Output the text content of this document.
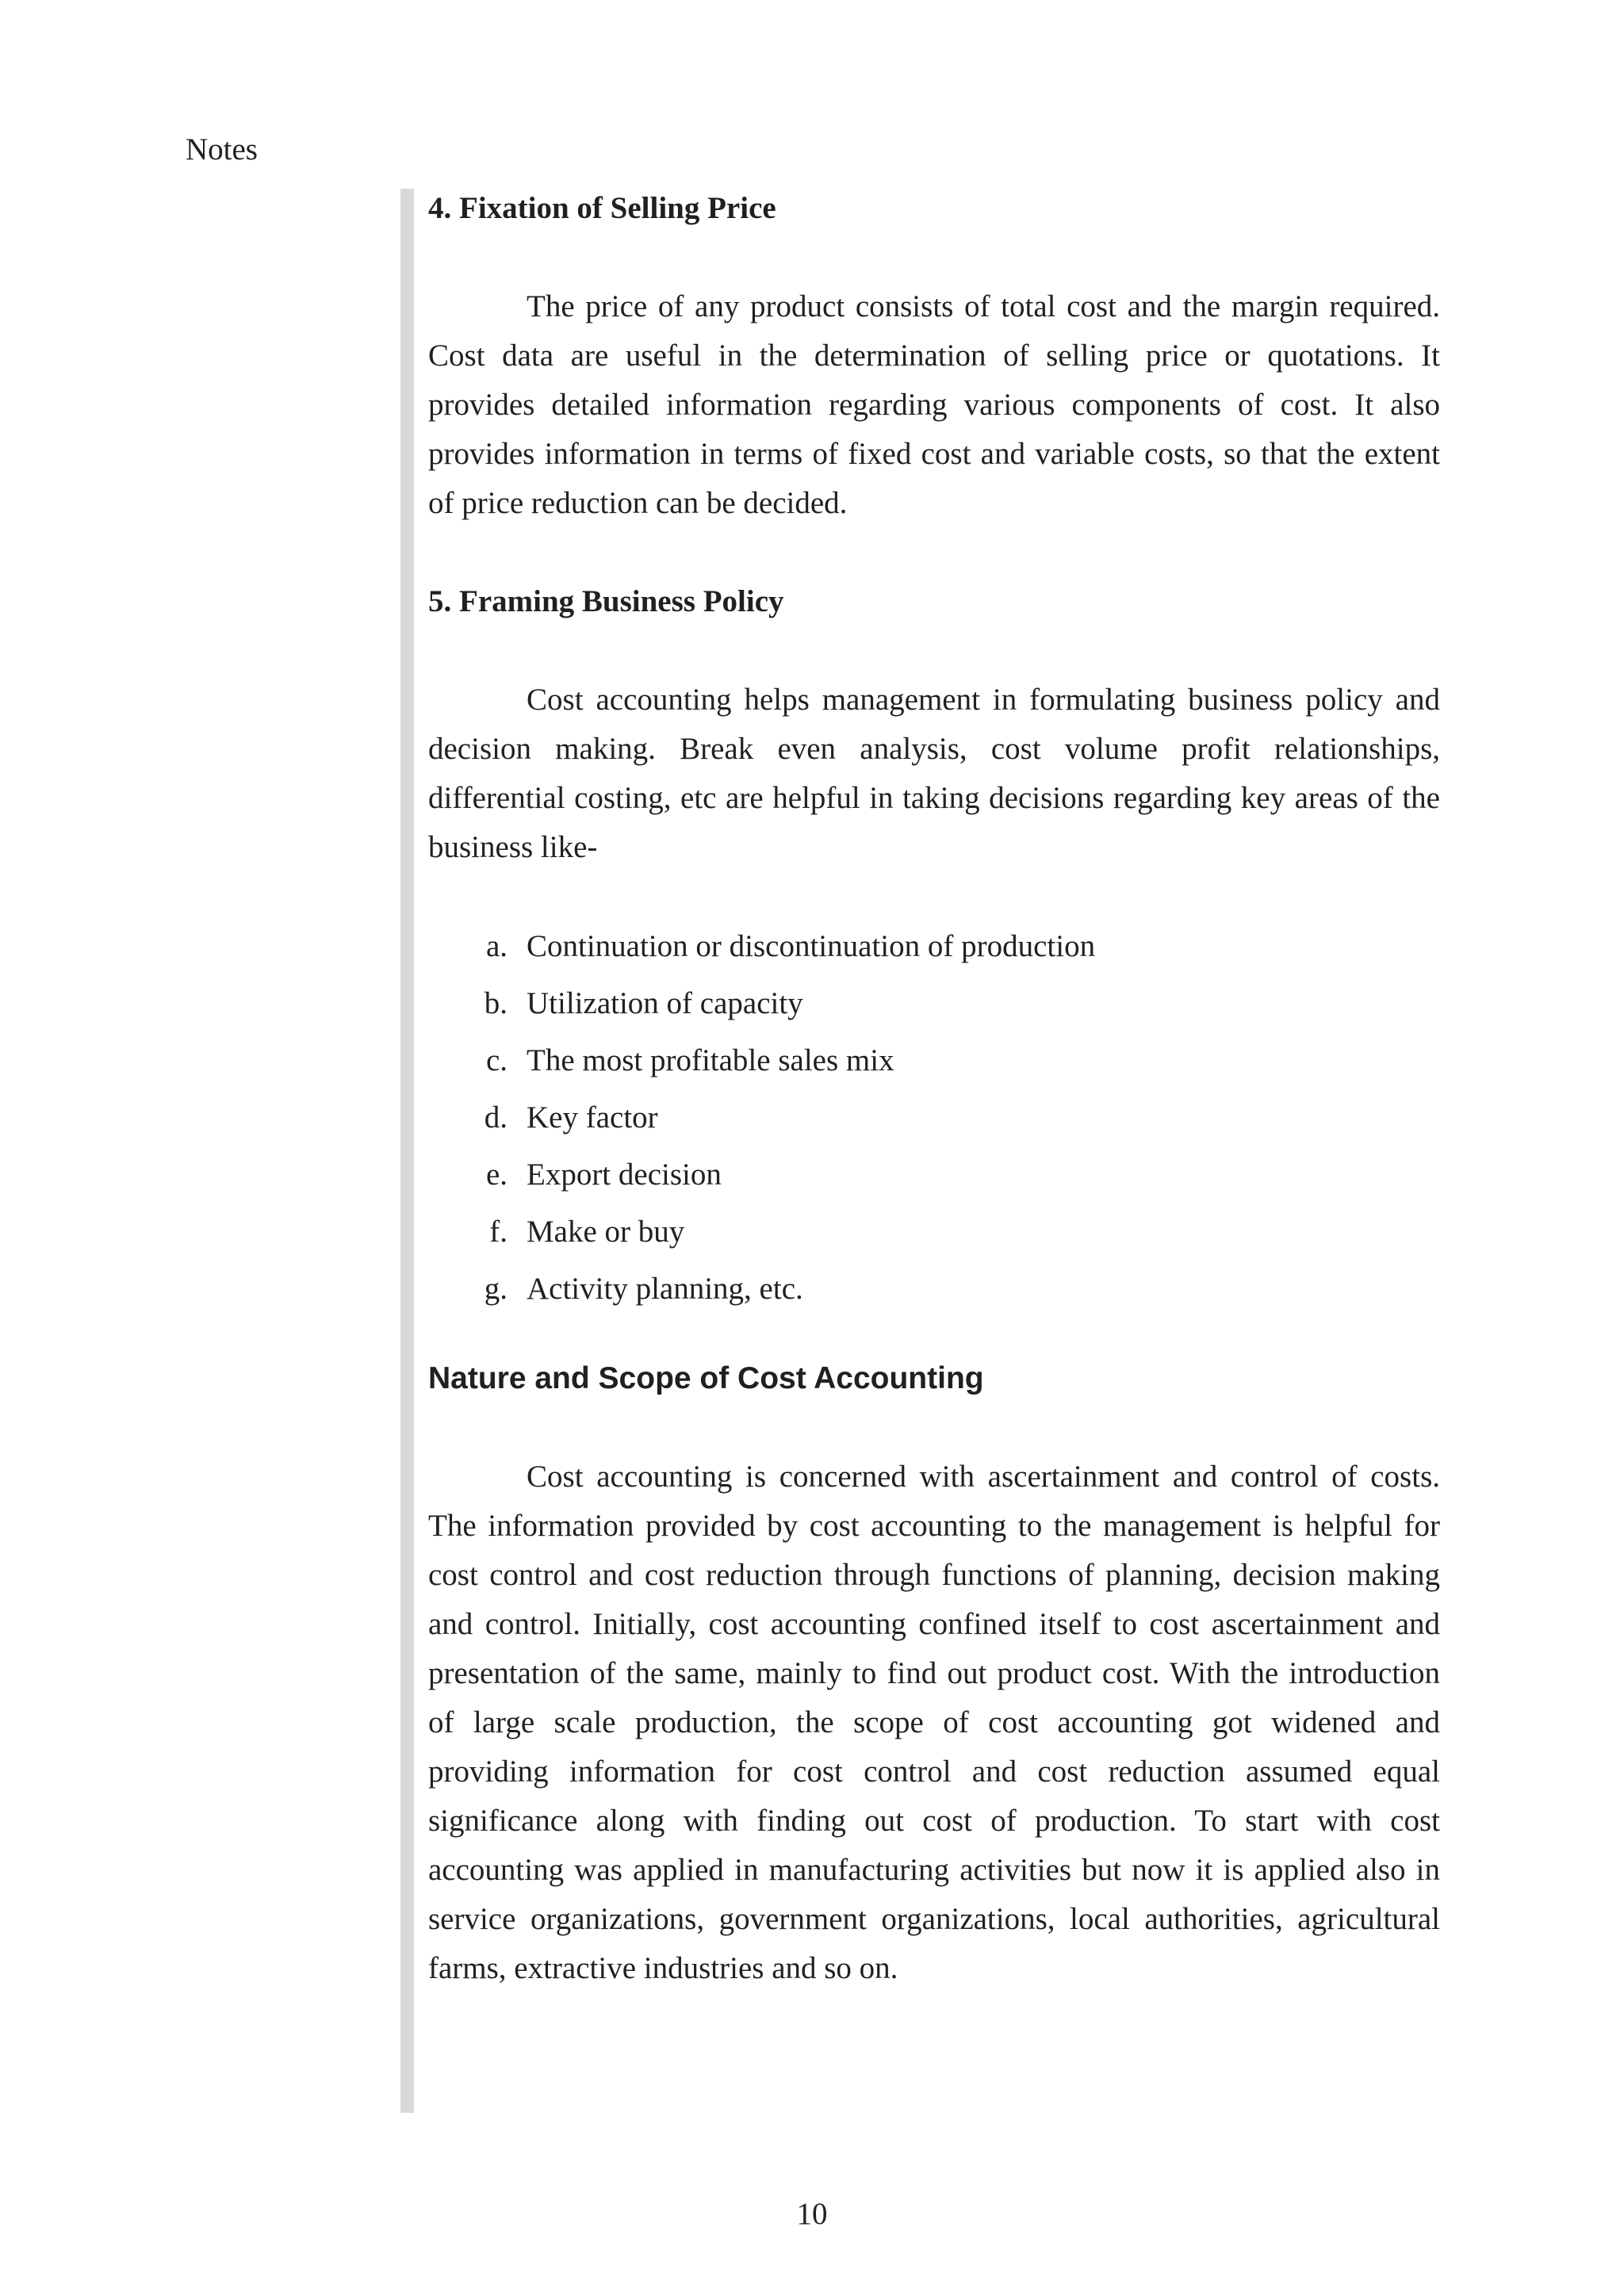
Notes
4. Fixation of Selling Price

The price of any product consists of total cost and the margin required. Cost data are useful in the determination of selling price or quotations. It provides detailed information regarding various components of cost. It also provides information in terms of fixed cost and variable costs, so that the extent of price reduction can be decided.

5. Framing Business Policy

Cost accounting helps management in formulating business policy and decision making. Break even analysis, cost volume profit relationships, differential costing, etc are helpful in taking decisions regarding key areas of the business like-

a. Continuation or discontinuation of production
b. Utilization of capacity
c. The most profitable sales mix
d. Key factor
e. Export decision
f. Make or buy
g. Activity planning, etc.
Nature and Scope of Cost Accounting

Cost accounting is concerned with ascertainment and control of costs. The information provided by cost accounting to the management is helpful for cost control and cost reduction through functions of planning, decision making and control. Initially, cost accounting confined itself to cost ascertainment and presentation of the same, mainly to find out product cost. With the introduction of large scale production, the scope of cost accounting got widened and providing information for cost control and cost reduction assumed equal significance along with finding out cost of production. To start with cost accounting was applied in manufacturing activities but now it is applied also in service organizations, government organizations, local authorities, agricultural farms, extractive industries and so on.

10
